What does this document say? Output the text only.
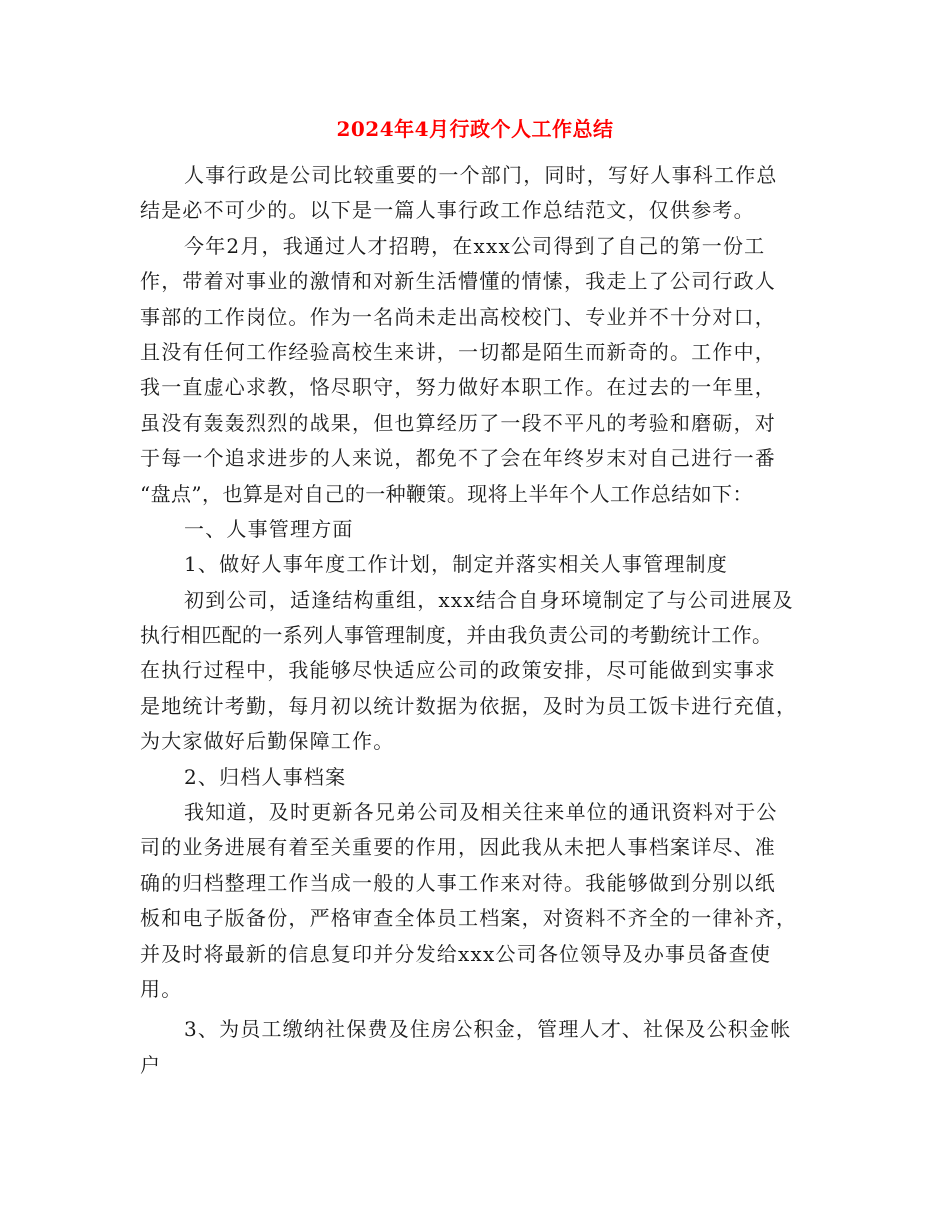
2024年4月行政个人工作总结
人事行政是公司比较重要的一个部门，同时，写好人事科工作总
结是必不可少的。以下是一篇人事行政工作总结范文，仅供参考。
今年2月，我通过人才招聘，在xxx公司得到了自己的第一份工
作，带着对事业的激情和对新生活懵懂的情愫，我走上了公司行政人
事部的工作岗位。作为一名尚未走出高校校门、专业并不十分对口，
且没有任何工作经验高校生来讲，一切都是陌生而新奇的。工作中，
我一直虚心求教，恪尽职守，努力做好本职工作。在过去的一年里，
虽没有轰轰烈烈的战果，但也算经历了一段不平凡的考验和磨砺，对
于每一个追求进步的人来说，都免不了会在年终岁末对自己进行一番
“盘点”，也算是对自己的一种鞭策。现将上半年个人工作总结如下：
一、人事管理方面
1、做好人事年度工作计划，制定并落实相关人事管理制度
初到公司，适逢结构重组，xxx结合自身环境制定了与公司进展及
执行相匹配的一系列人事管理制度，并由我负责公司的考勤统计工作。
在执行过程中，我能够尽快适应公司的政策安排，尽可能做到实事求
是地统计考勤，每月初以统计数据为依据，及时为员工饭卡进行充值，
为大家做好后勤保障工作。
2、归档人事档案
我知道，及时更新各兄弟公司及相关往来单位的通讯资料对于公
司的业务进展有着至关重要的作用，因此我从未把人事档案详尽、准
确的归档整理工作当成一般的人事工作来对待。我能够做到分别以纸
板和电子版备份，严格审查全体员工档案，对资料不齐全的一律补齐，
并及时将最新的信息复印并分发给xxx公司各位领导及办事员备查使
用。
3、为员工缴纳社保费及住房公积金，管理人才、社保及公积金帐
户
